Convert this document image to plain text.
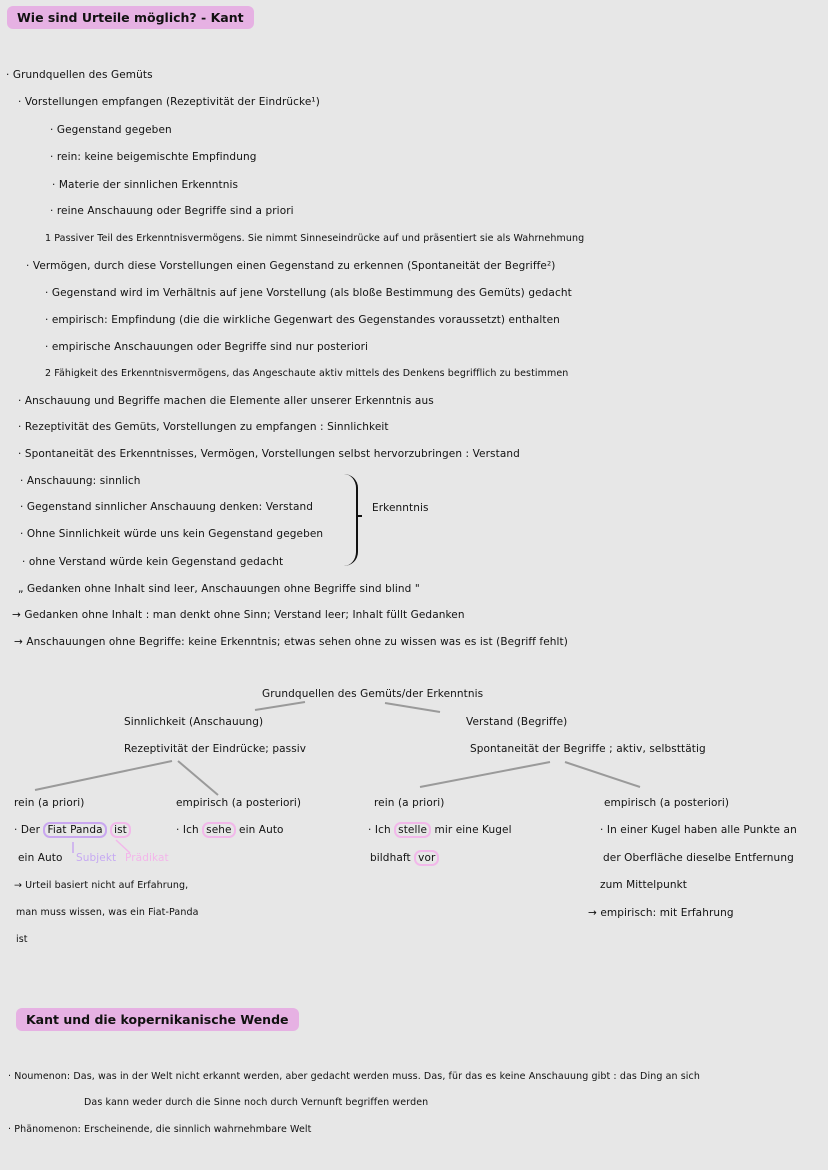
Wie sind Urteile möglich? - Kant
· Grundquellen des Gemüts
· Vorstellungen empfangen (Rezeptivität der Eindrücke¹)
· Gegenstand gegeben
· rein: keine beigemischte Empfindung
· Materie der sinnlichen Erkenntnis
· reine Anschauung oder Begriffe sind a priori
1 Passiver Teil des Erkenntnisvermögens. Sie nimmt Sinneseindrücke auf und präsentiert sie als Wahrnehmung
· Vermögen, durch diese Vorstellungen einen Gegenstand zu erkennen (Spontaneität der Begriffe²)
· Gegenstand wird im Verhältnis auf jene Vorstellung (als bloße Bestimmung des Gemüts) gedacht
· empirisch: Empfindung (die die wirkliche Gegenwart des Gegenstandes voraussetzt) enthalten
· empirische Anschauungen oder Begriffe sind nur posteriori
2 Fähigkeit des Erkenntnisvermögens, das Angeschaute aktiv mittels des Denkens begrifflich zu bestimmen
· Anschauung und Begriffe machen die Elemente aller unserer Erkenntnis aus
· Rezeptivität des Gemüts, Vorstellungen zu empfangen : Sinnlichkeit
· Spontaneität des Erkenntnisses, Vermögen, Vorstellungen selbst hervorzubringen : Verstand
· Anschauung: sinnlich
· Gegenstand sinnlicher Anschauung denken: Verstand
· Ohne Sinnlichkeit würde uns kein Gegenstand gegeben
· ohne Verstand würde kein Gegenstand gedacht
Erkenntnis
„ Gedanken ohne Inhalt sind leer, Anschauungen ohne Begriffe sind blind "
→ Gedanken ohne Inhalt : man denkt ohne Sinn; Verstand leer; Inhalt füllt Gedanken
→ Anschauungen ohne Begriffe: keine Erkenntnis; etwas sehen ohne zu wissen was es ist (Begriff fehlt)
Grundquellen des Gemüts/der Erkenntnis
Sinnlichkeit (Anschauung)
Rezeptivität der Eindrücke; passiv
Verstand (Begriffe)
Spontaneität der Begriffe ; aktiv, selbsttätig
rein (a priori)
· Der Fiat Panda ist
ein Auto Subjekt Prädikat
→ Urteil basiert nicht auf Erfahrung,
man muss wissen, was ein Fiat-Panda
ist
empirisch (a posteriori)
· Ich sehe ein Auto
rein (a priori)
· Ich stelle mir eine Kugel
bildhaft vor
empirisch (a posteriori)
· In einer Kugel haben alle Punkte an
der Oberfläche dieselbe Entfernung
zum Mittelpunkt
→ empirisch: mit Erfahrung
Kant und die kopernikanische Wende
· Noumenon: Das, was in der Welt nicht erkannt werden, aber gedacht werden muss. Das, für das es keine Anschauung gibt : das Ding an sich
Das kann weder durch die Sinne noch durch Vernunft begriffen werden
· Phänomenon: Erscheinende, die sinnlich wahrnehmbare Welt
